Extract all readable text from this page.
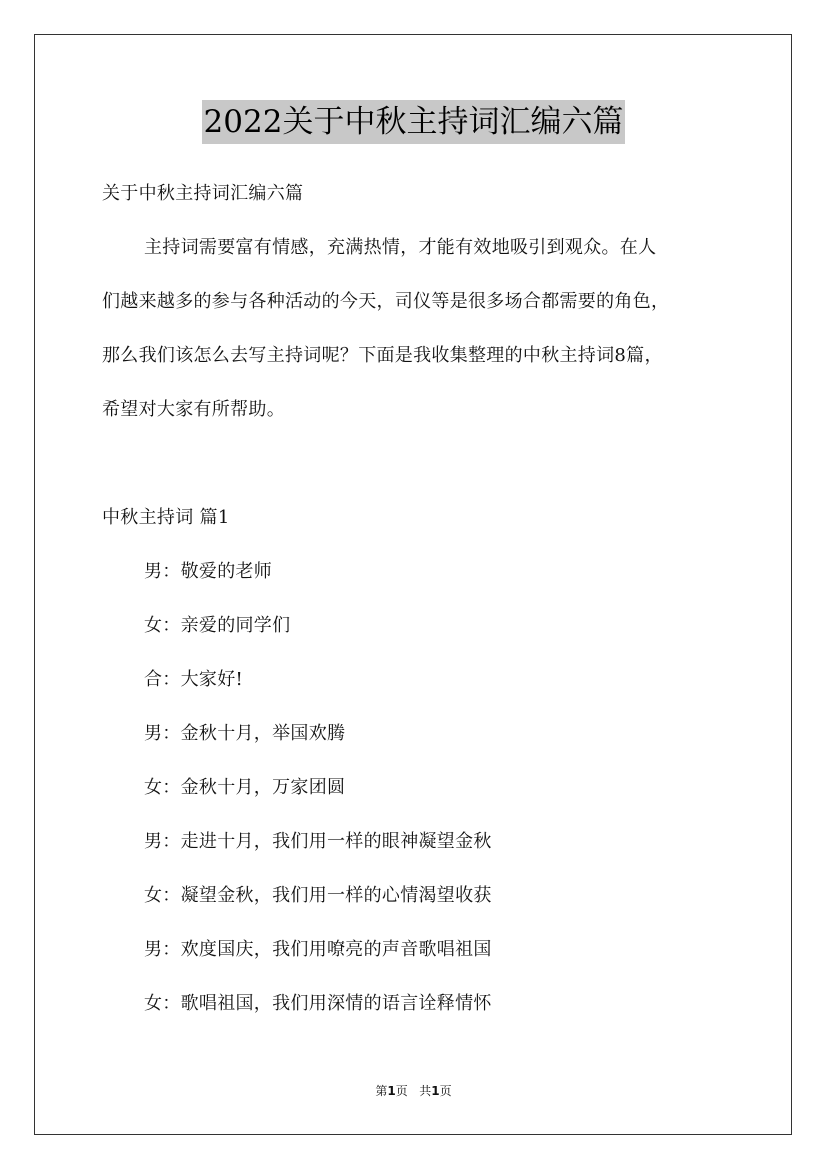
2022关于中秋主持词汇编六篇
关于中秋主持词汇编六篇
主持词需要富有情感，充满热情，才能有效地吸引到观众。在人
们越来越多的参与各种活动的今天，司仪等是很多场合都需要的角色，
那么我们该怎么去写主持词呢？下面是我收集整理的中秋主持词8篇，
希望对大家有所帮助。
中秋主持词 篇1
男：敬爱的老师
女：亲爱的同学们
合：大家好!
男：金秋十月，举国欢腾
女：金秋十月，万家团圆
男：走进十月，我们用一样的眼神凝望金秋
女：凝望金秋，我们用一样的心情渴望收获
男：欢度国庆，我们用嘹亮的声音歌唱祖国
女：歌唱祖国，我们用深情的语言诠释情怀
第1页 共1页
